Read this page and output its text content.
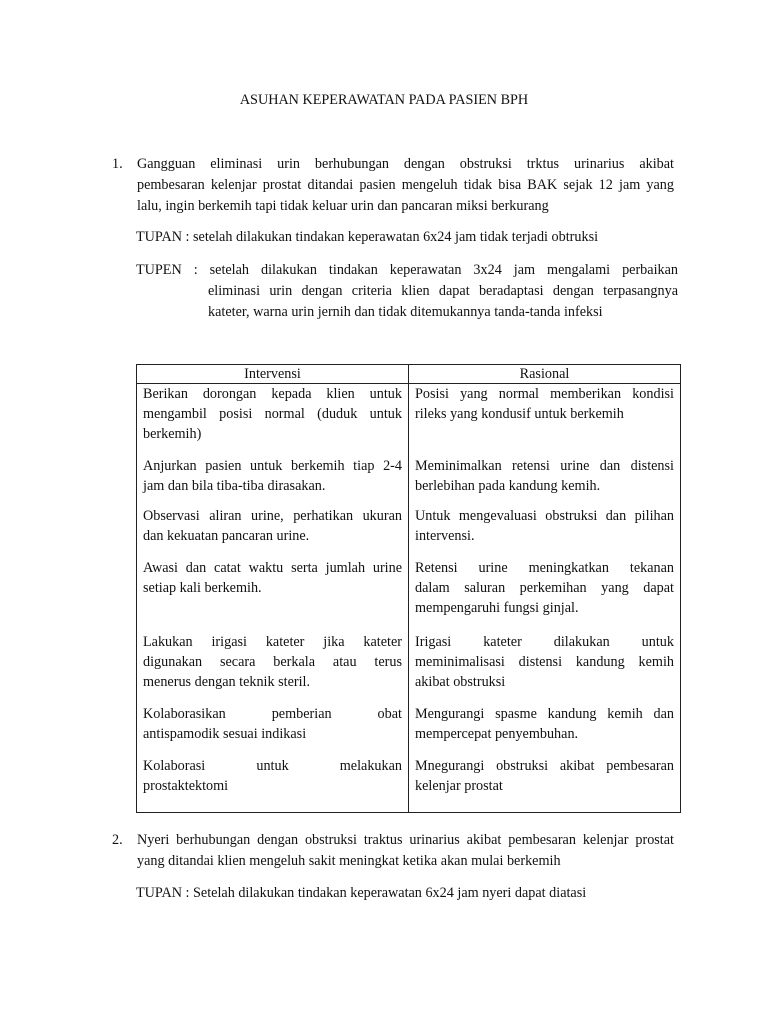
ASUHAN KEPERAWATAN PADA PASIEN BPH
1. Gangguan eliminasi urin berhubungan dengan obstruksi trktus urinarius akibat
pembesaran kelenjar prostat ditandai pasien mengeluh tidak bisa BAK sejak 12 jam yang
lalu, ingin berkemih tapi tidak keluar urin dan pancaran miksi berkurang
TUPAN : setelah dilakukan tindakan keperawatan 6x24 jam tidak terjadi obtruksi
TUPEN : setelah dilakukan tindakan keperawatan 3x24 jam mengalami perbaikan
eliminasi urin dengan criteria klien dapat beradaptasi dengan terpasangnya
kateter, warna urin jernih dan tidak ditemukannya tanda-tanda infeksi
Intervensi	Rasional

Berikan dorongan kepada klien untuk
mengambil posisi normal (duduk untuk
berkemih)	Posisi yang normal memberikan kondisi
rileks yang kondusif untuk berkemih

Anjurkan pasien untuk berkemih tiap 2-4
jam dan bila tiba-tiba dirasakan.	Meminimalkan retensi urine dan distensi
berlebihan pada kandung kemih.

Observasi aliran urine, perhatikan ukuran
dan kekuatan pancaran urine.	Untuk mengevaluasi obstruksi dan pilihan
intervensi.

Awasi dan catat waktu serta jumlah urine
setiap kali berkemih.	Retensi urine meningkatkan tekanan
dalam saluran perkemihan yang dapat
mempengaruhi fungsi ginjal.

Lakukan irigasi kateter jika kateter
digunakan secara berkala atau terus
menerus dengan teknik steril.	Irigasi kateter dilakukan untuk
meminimalisasi distensi kandung kemih
akibat obstruksi

Kolaborasikan pemberian obat
antispamodik sesuai indikasi	Mengurangi spasme kandung kemih dan
mempercepat penyembuhan.

Kolaborasi untuk melakukan
prostaktektomi	Mnegurangi obstruksi akibat pembesaran
kelenjar prostat
2. Nyeri berhubungan dengan obstruksi traktus urinarius akibat pembesaran kelenjar prostat
yang ditandai klien mengeluh sakit meningkat ketika akan mulai berkemih
TUPAN : Setelah dilakukan tindakan keperawatan 6x24 jam nyeri dapat diatasi
